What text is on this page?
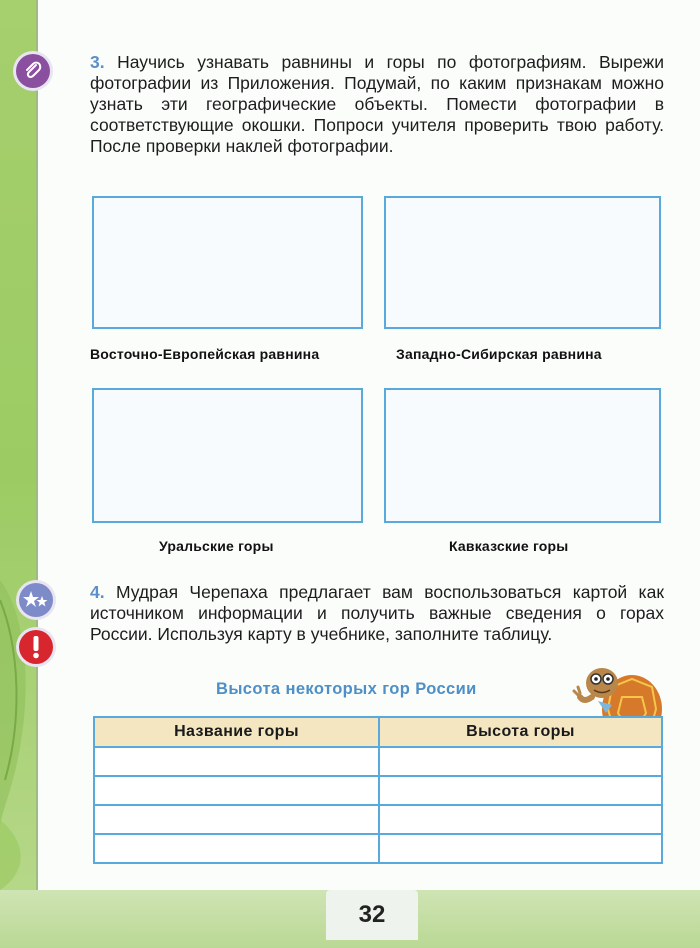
3. Научись узнавать равнины и горы по фотографиям. Вырежи фотографии из Приложения. Подумай, по каким признакам можно узнать эти географические объекты. Помести фотографии в соответствующие окошки. Попроси учителя проверить твою работу. После проверки наклей фотографии.
Восточно-Европейская равнина	Западно-Сибирская равнина
Уральские горы	Кавказские горы
4. Мудрая Черепаха предлагает вам воспользоваться картой как источником информации и получить важные сведения о горах России. Используя карту в учебнике, заполните таблицу.
Высота некоторых гор России
Название горы	Высота горы

32
